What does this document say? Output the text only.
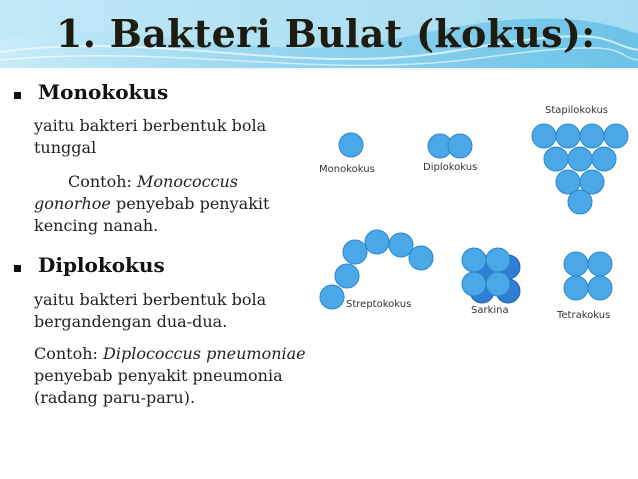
1. Bakteri Bulat (kokus):
Monokokus
yaitu bakteri berbentuk bola tunggal
Contoh: Monococcus gonorhoe penyebab penyakit kencing nanah.
Diplokokus
yaitu bakteri berbentuk bola bergandengan dua-dua.
Contoh: Diplococcus pneumoniae penyebab penyakit pneumonia (radang paru-paru).
Monokokus	Diplokokus
Stapilokokus
Streptokokus
Sarkina	Tetrakokus
